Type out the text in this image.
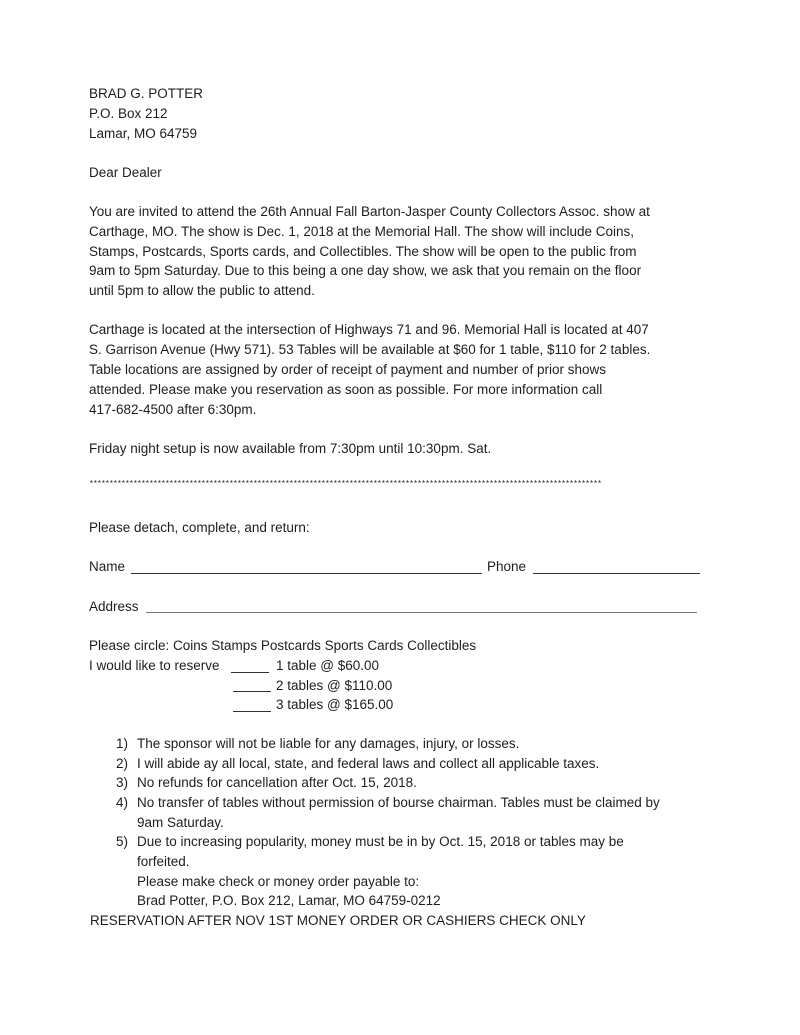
BRAD G. POTTER
P.O. Box 212
Lamar, MO 64759
Dear Dealer
You are invited to attend the 26th Annual Fall Barton-Jasper County Collectors Assoc. show at
Carthage, MO. The show is Dec. 1, 2018 at the Memorial Hall. The show will include Coins,
Stamps, Postcards, Sports cards, and Collectibles. The show will be open to the public from
9am to 5pm Saturday. Due to this being a one day show, we ask that you remain on the floor
until 5pm to allow the public to attend.
Carthage is located at the intersection of Highways 71 and 96. Memorial Hall is located at 407
S. Garrison Avenue (Hwy 571). 53 Tables will be available at $60 for 1 table, $110 for 2 tables.
Table locations are assigned by order of receipt of payment and number of prior shows
attended. Please make you reservation as soon as possible. For more information call
417-682-4500 after 6:30pm.
Friday night setup is now available from 7:30pm until 10:30pm. Sat.
********************************************************************************************************************************
Please detach, complete, and return:
Name	Phone
Address
Please circle: Coins Stamps Postcards Sports Cards Collectibles
I would like to reserve	1 table @ $60.00
2 tables @ $110.00
3 tables @ $165.00
1) The sponsor will not be liable for any damages, injury, or losses.
2) I will abide ay all local, state, and federal laws and collect all applicable taxes.
3) No refunds for cancellation after Oct. 15, 2018.
4) No transfer of tables without permission of bourse chairman. Tables must be claimed by
9am Saturday.
5) Due to increasing popularity, money must be in by Oct. 15, 2018 or tables may be
forfeited.
Please make check or money order payable to:
Brad Potter, P.O. Box 212, Lamar, MO 64759-0212
RESERVATION AFTER NOV 1ST MONEY ORDER OR CASHIERS CHECK ONLY
